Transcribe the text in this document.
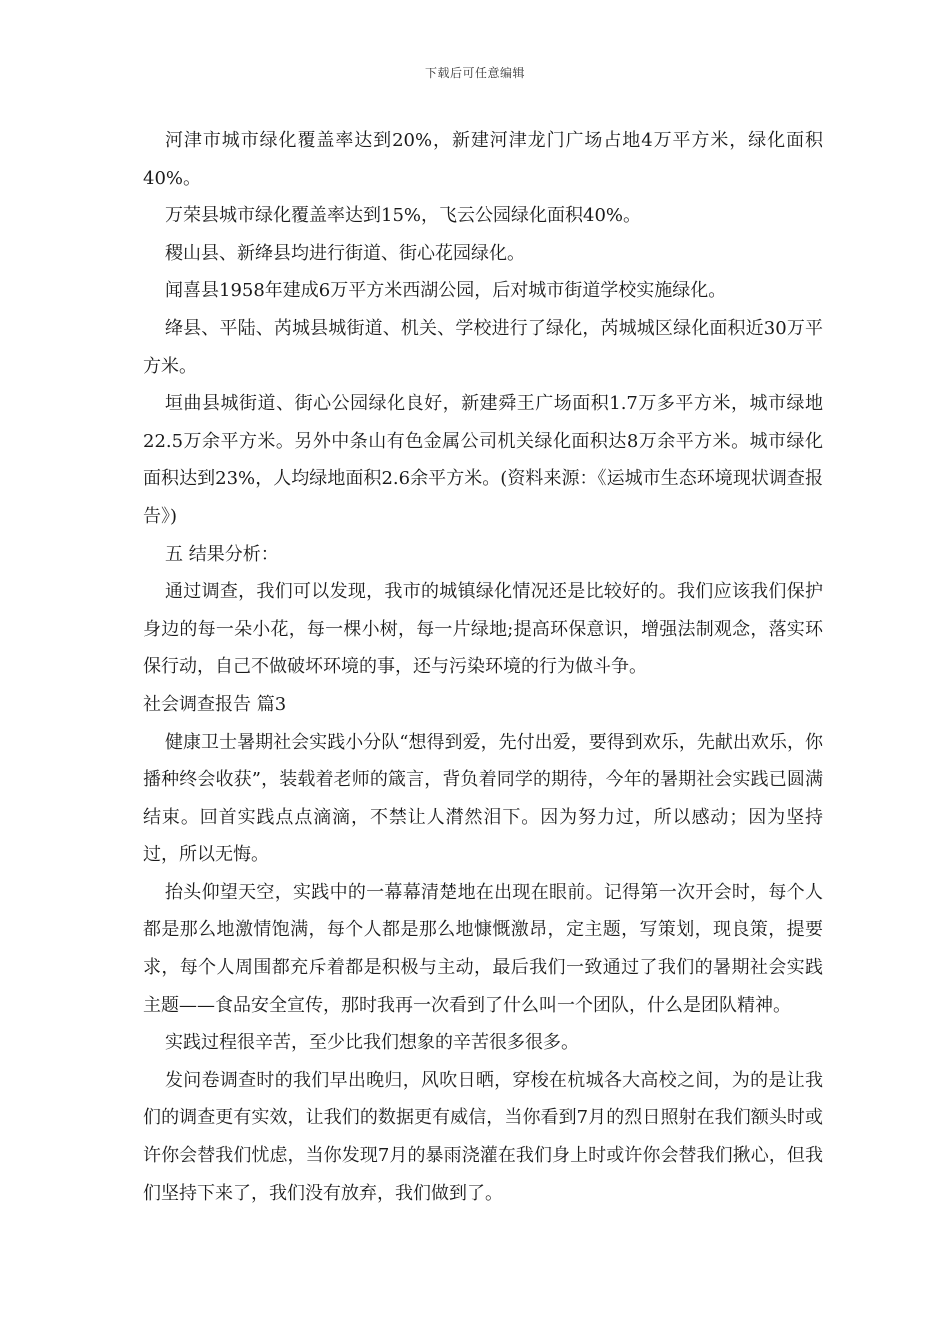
下载后可任意编辑

河津市城市绿化覆盖率达到20%，新建河津龙门广场占地4万平方米，绿化面积40%。

万荣县城市绿化覆盖率达到15%，飞云公园绿化面积40%。

稷山县、新绛县均进行街道、街心花园绿化。

闻喜县1958年建成6万平方米西湖公园，后对城市街道学校实施绿化。

绛县、平陆、芮城县城街道、机关、学校进行了绿化，芮城城区绿化面积近30万平方米。

垣曲县城街道、街心公园绿化良好，新建舜王广场面积1.7万多平方米，城市绿地22.5万余平方米。另外中条山有色金属公司机关绿化面积达8万余平方米。城市绿化面积达到23%，人均绿地面积2.6余平方米。(资料来源：《运城市生态环境现状调查报告》)

五 结果分析：

通过调查，我们可以发现，我市的城镇绿化情况还是比较好的。我们应该我们保护身边的每一朵小花，每一棵小树，每一片绿地;提高环保意识，增强法制观念，落实环保行动，自己不做破坏环境的事，还与污染环境的行为做斗争。

社会调查报告 篇3

健康卫士暑期社会实践小分队“想得到爱，先付出爱，要得到欢乐，先献出欢乐，你播种终会收获”，装载着老师的箴言，背负着同学的期待，今年的暑期社会实践已圆满结束。回首实践点点滴滴，不禁让人潸然泪下。因为努力过，所以感动；因为坚持过，所以无悔。

抬头仰望天空，实践中的一幕幕清楚地在出现在眼前。记得第一次开会时，每个人都是那么地激情饱满，每个人都是那么地慷慨激昂，定主题，写策划，现良策，提要求，每个人周围都充斥着都是积极与主动，最后我们一致通过了我们的暑期社会实践主题——食品安全宣传，那时我再一次看到了什么叫一个团队，什么是团队精神。

实践过程很辛苦，至少比我们想象的辛苦很多很多。

发问卷调查时的我们早出晚归，风吹日晒，穿梭在杭城各大高校之间，为的是让我们的调查更有实效，让我们的数据更有威信，当你看到7月的烈日照射在我们额头时或许你会替我们忧虑，当你发现7月的暴雨浇灌在我们身上时或许你会替我们揪心，但我们坚持下来了，我们没有放弃，我们做到了。
